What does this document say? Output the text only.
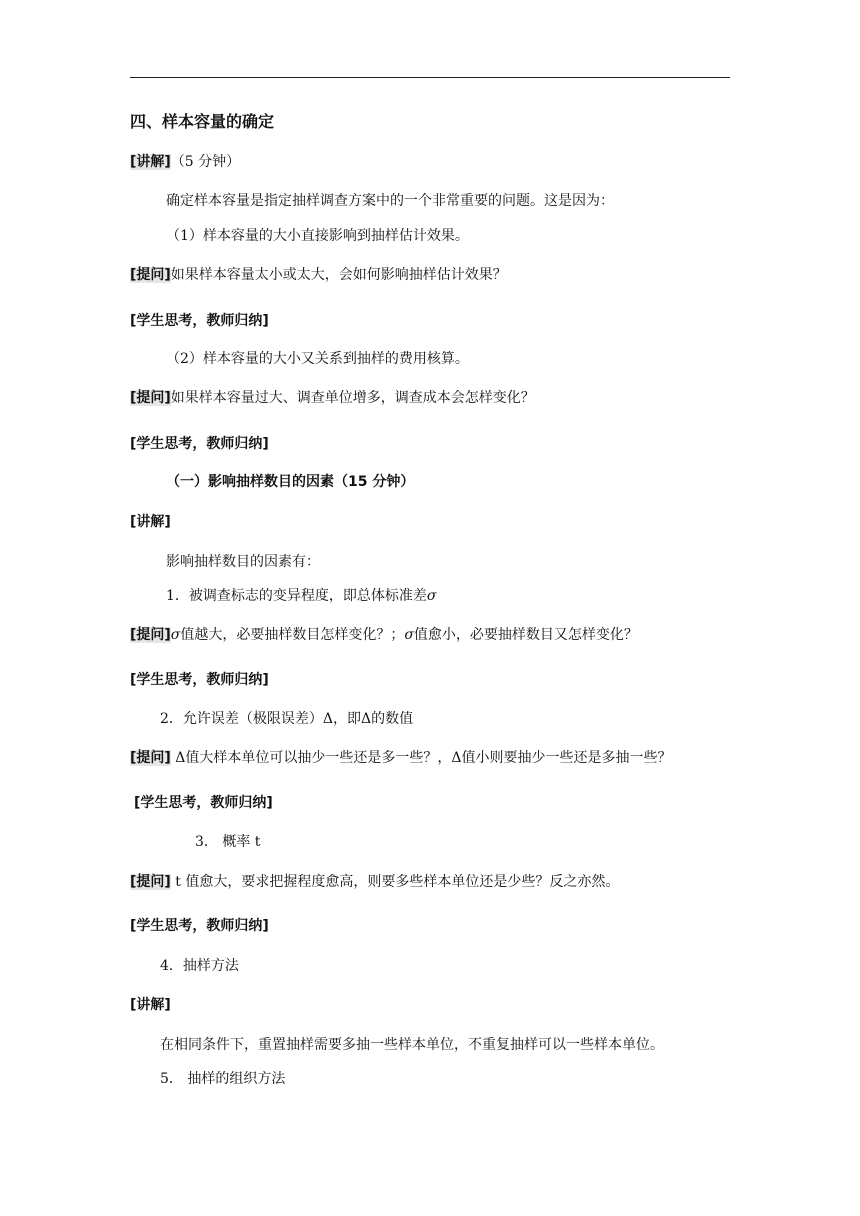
四、样本容量的确定
[讲解]（5 分钟）
确定样本容量是指定抽样调查方案中的一个非常重要的问题。这是因为：
（1）样本容量的大小直接影响到抽样估计效果。
[提问]如果样本容量太小或太大，会如何影响抽样估计效果？
[学生思考，教师归纳]
（2）样本容量的大小又关系到抽样的费用核算。
[提问]如果样本容量过大、调查单位增多，调查成本会怎样变化？
[学生思考，教师归纳]
（一）影响抽样数目的因素（15 分钟）
[讲解]
影响抽样数目的因素有：
1．被调查标志的变异程度，即总体标准差σ
[提问]σ值越大，必要抽样数目怎样变化？；σ值愈小，必要抽样数目又怎样变化？
[学生思考，教师归纳]
2．允许误差（极限误差）Δ，即Δ的数值
[提问] Δ值大样本单位可以抽少一些还是多一些？，Δ值小则要抽少一些还是多抽一些？
[学生思考，教师归纳]
3． 概率 t
[提问] t 值愈大，要求把握程度愈高，则要多些样本单位还是少些？反之亦然。
[学生思考，教师归纳]
4．抽样方法
[讲解]
在相同条件下，重置抽样需要多抽一些样本单位，不重复抽样可以一些样本单位。
5． 抽样的组织方法
